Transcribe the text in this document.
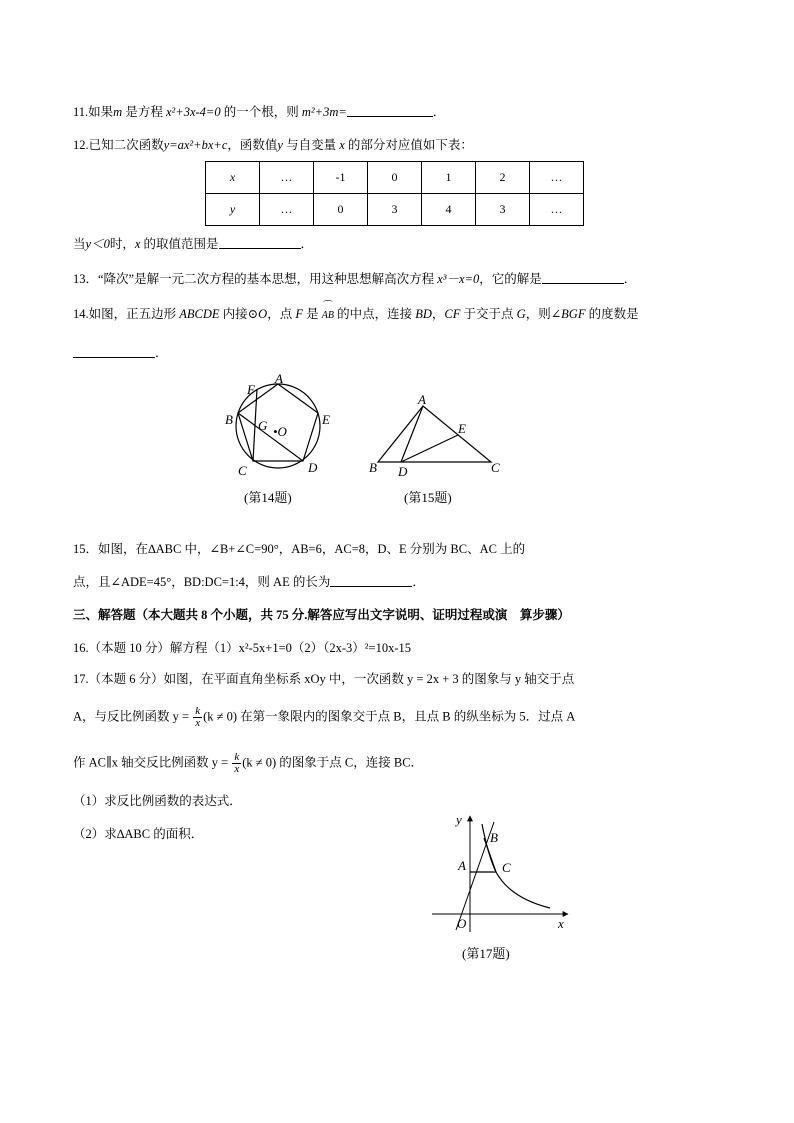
11.如果m 是方程 x²+3x-4=0 的一个根，则 m²+3m=	．
12.已知二次函数y=ax²+bx+c，函数值y 与自变量 x 的部分对应值如下表：
x	…	-1	0	1	2	…
y	…	0	3	4	3	…
当y＜0时，x 的取值范围是	．
13．“降次”是解一元二次方程的基本思想，用这种思想解高次方程 x³－x=0，它的解是	．
14.如图，正五边形 ABCDE 内接⊙O，点 F 是
⌒
AB 的中点，连接 BD，CF 于交于点 G，则∠BGF 的度数是
．
A
F
B	E
G •O
C	D
(第14题)
A
E
B D	C
(第15题)
15．如图，在∆ABC 中，∠B+∠C=90°，AB=6，AC=8，D、E 分别为 BC、AC 上的
点，且∠ADE=45°，BD:DC=1:4，则 AE 的长为	．
三、解答题（本大题共 8 个小题，共 75 分.解答应写出文字说明、证明过程或演　算步骤）
16.（本题 10 分）解方程（1）x²-5x+1=0（2）（2x-3）²=10x-15
17.（本题 6 分）如图，在平面直角坐标系 xOy 中，一次函数 y = 2x + 3 的图象与 y 轴交于点
A，与反比例函数 $y = \frac{k}{x} (k \ne 0)$ 在第一象限内的图象交于点 B，且点 B 的纵坐标为 5．过点 A
作 AC∥x 轴交反比例函数 $y = \frac{k}{x} (k \ne 0)$ 的图象于点 C，连接 BC．
（1）求反比例函数的表达式．
（2）求∆ABC 的面积．
y
B
A	C
O	x
(第17题)
